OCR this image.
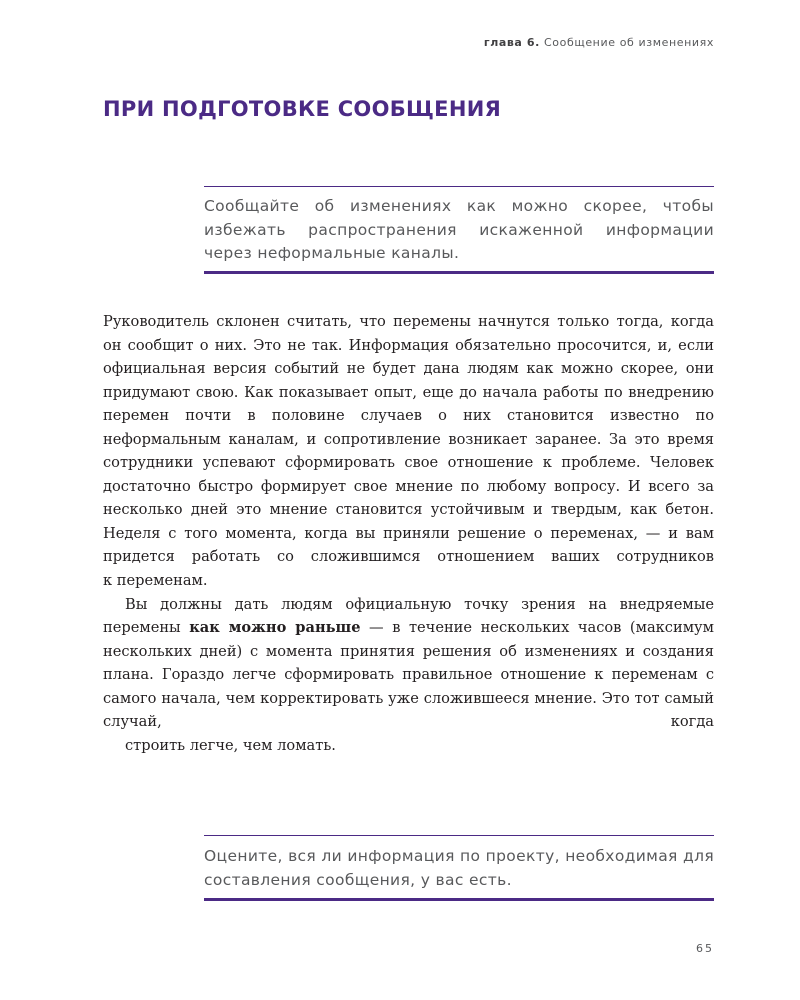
глава 6. Сообщение об изменениях
ПРИ ПОДГОТОВКЕ СООБЩЕНИЯ

Сообщайте об изменениях как можно скорее, чтобы избежать распространения искаженной информации через неформальные каналы.

Руководитель склонен считать, что перемены начнутся только тогда, когда он сообщит о них. Это не так. Информация обязательно просочится, и, если официальная версия событий не будет дана людям как можно скорее, они придумают свою. Как показывает опыт, еще до начала работы по внедрению перемен почти в половине случаев о них становится известно по неформальным каналам, и сопротивление возникает заранее. За это время сотрудники успевают сформировать свое отношение к проблеме. Человек достаточно быстро формирует свое мнение по любому вопросу. И всего за несколько дней это мнение становится устойчивым и твердым, как бетон. Неделя с того момента, когда вы приняли решение о переменах, — и вам придется работать со сложившимся отношением ваших сотрудников
к переменам.

Вы должны дать людям официальную точку зрения на внедряемые перемены как можно раньше — в течение нескольких часов (максимум нескольких дней) с момента принятия решения об изменениях и создания плана. Гораздо легче сформировать правильное отношение к переменам с самого начала, чем корректировать уже сложившееся мнение. Это тот самый случай, когда
строить легче, чем ломать.

Оцените, вся ли информация по проекту, необходимая для составления сообщения, у вас есть.

65
